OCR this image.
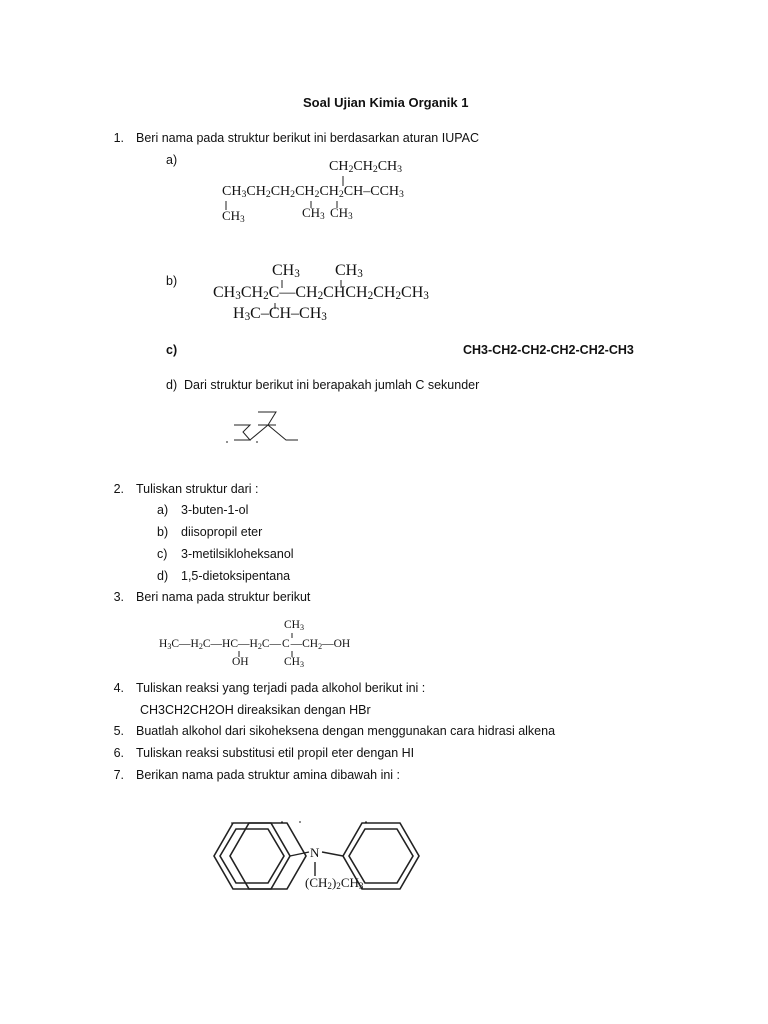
Soal Ujian Kimia Organik 1
1. Beri nama pada struktur berikut ini berdasarkan aturan IUPAC
a)	$CH_2CH_2CH_3$
$CH_3CH_2CH_2CH_2CH_2CH-CCH_3$
$CH_3$	$CH_3$ $CH_3$
b)
$CH_3$ $CH_3$
$CH_3CH_2C—CH_2CHCH_2CH_2CH_3$
$H_3C-CH-CH_3$
c)	CH3-CH2-CH2-CH2-CH2-CH3
d) Dari struktur berikut ini berapakah jumlah C sekunder
2. Tuliskan struktur dari :
a) 3-buten-1-ol
b) diisopropil eter
c) 3-metilsikloheksanol
d) 1,5-dietoksipentana
3. Beri nama pada struktur berikut
$CH_3$
$H_3C—H_2C—HC—H_2C—$ C $—CH_2—OH$
OH	$CH_3$
4. Tuliskan reaksi yang terjadi pada alkohol berikut ini :
CH3CH2CH2OH direaksikan dengan HBr
5. Buatlah alkohol dari sikoheksena dengan menggunakan cara hidrasi alkena
6. Tuliskan reaksi substitusi etil propil eter dengan HI
7. Berikan nama pada struktur amina dibawah ini :
N
$(CH_2)_2CH_3$
